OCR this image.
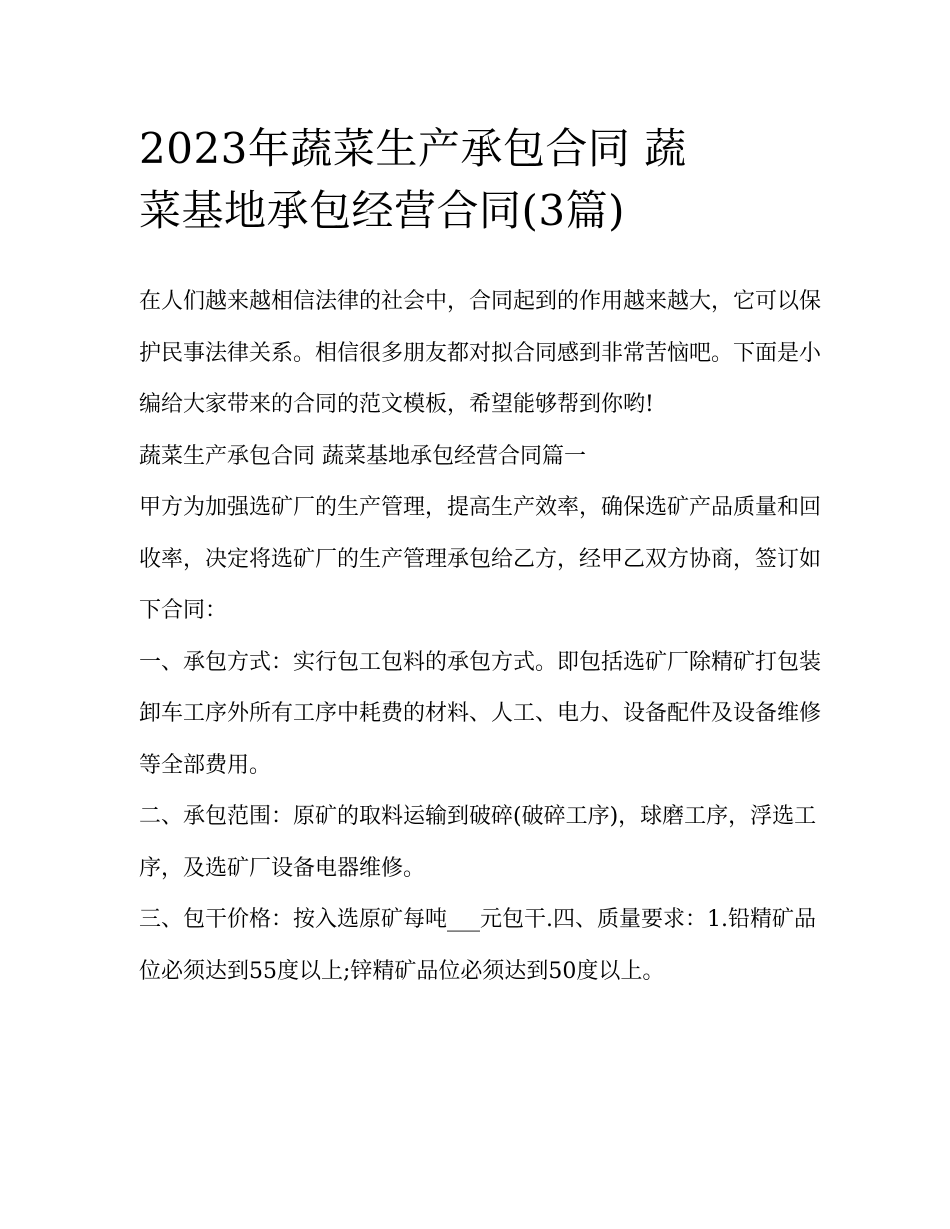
2023年蔬菜生产承包合同 蔬
菜基地承包经营合同(3篇)

在人们越来越相信法律的社会中，合同起到的作用越来越大，它可以保护民事法律关系。相信很多朋友都对拟合同感到非常苦恼吧。下面是小编给大家带来的合同的范文模板，希望能够帮到你哟!

蔬菜生产承包合同 蔬菜基地承包经营合同篇一

甲方为加强选矿厂的生产管理，提高生产效率，确保选矿产品质量和回收率，决定将选矿厂的生产管理承包给乙方，经甲乙双方协商，签订如下合同：

一、承包方式：实行包工包料的承包方式。即包括选矿厂除精矿打包装卸车工序外所有工序中耗费的材料、人工、电力、设备配件及设备维修等全部费用。

二、承包范围：原矿的取料运输到破碎(破碎工序)，球磨工序，浮选工序，及选矿厂设备电器维修。

三、包干价格：按入选原矿每吨___元包干.四、质量要求：1.铅精矿品位必须达到55度以上;锌精矿品位必须达到50度以上。
